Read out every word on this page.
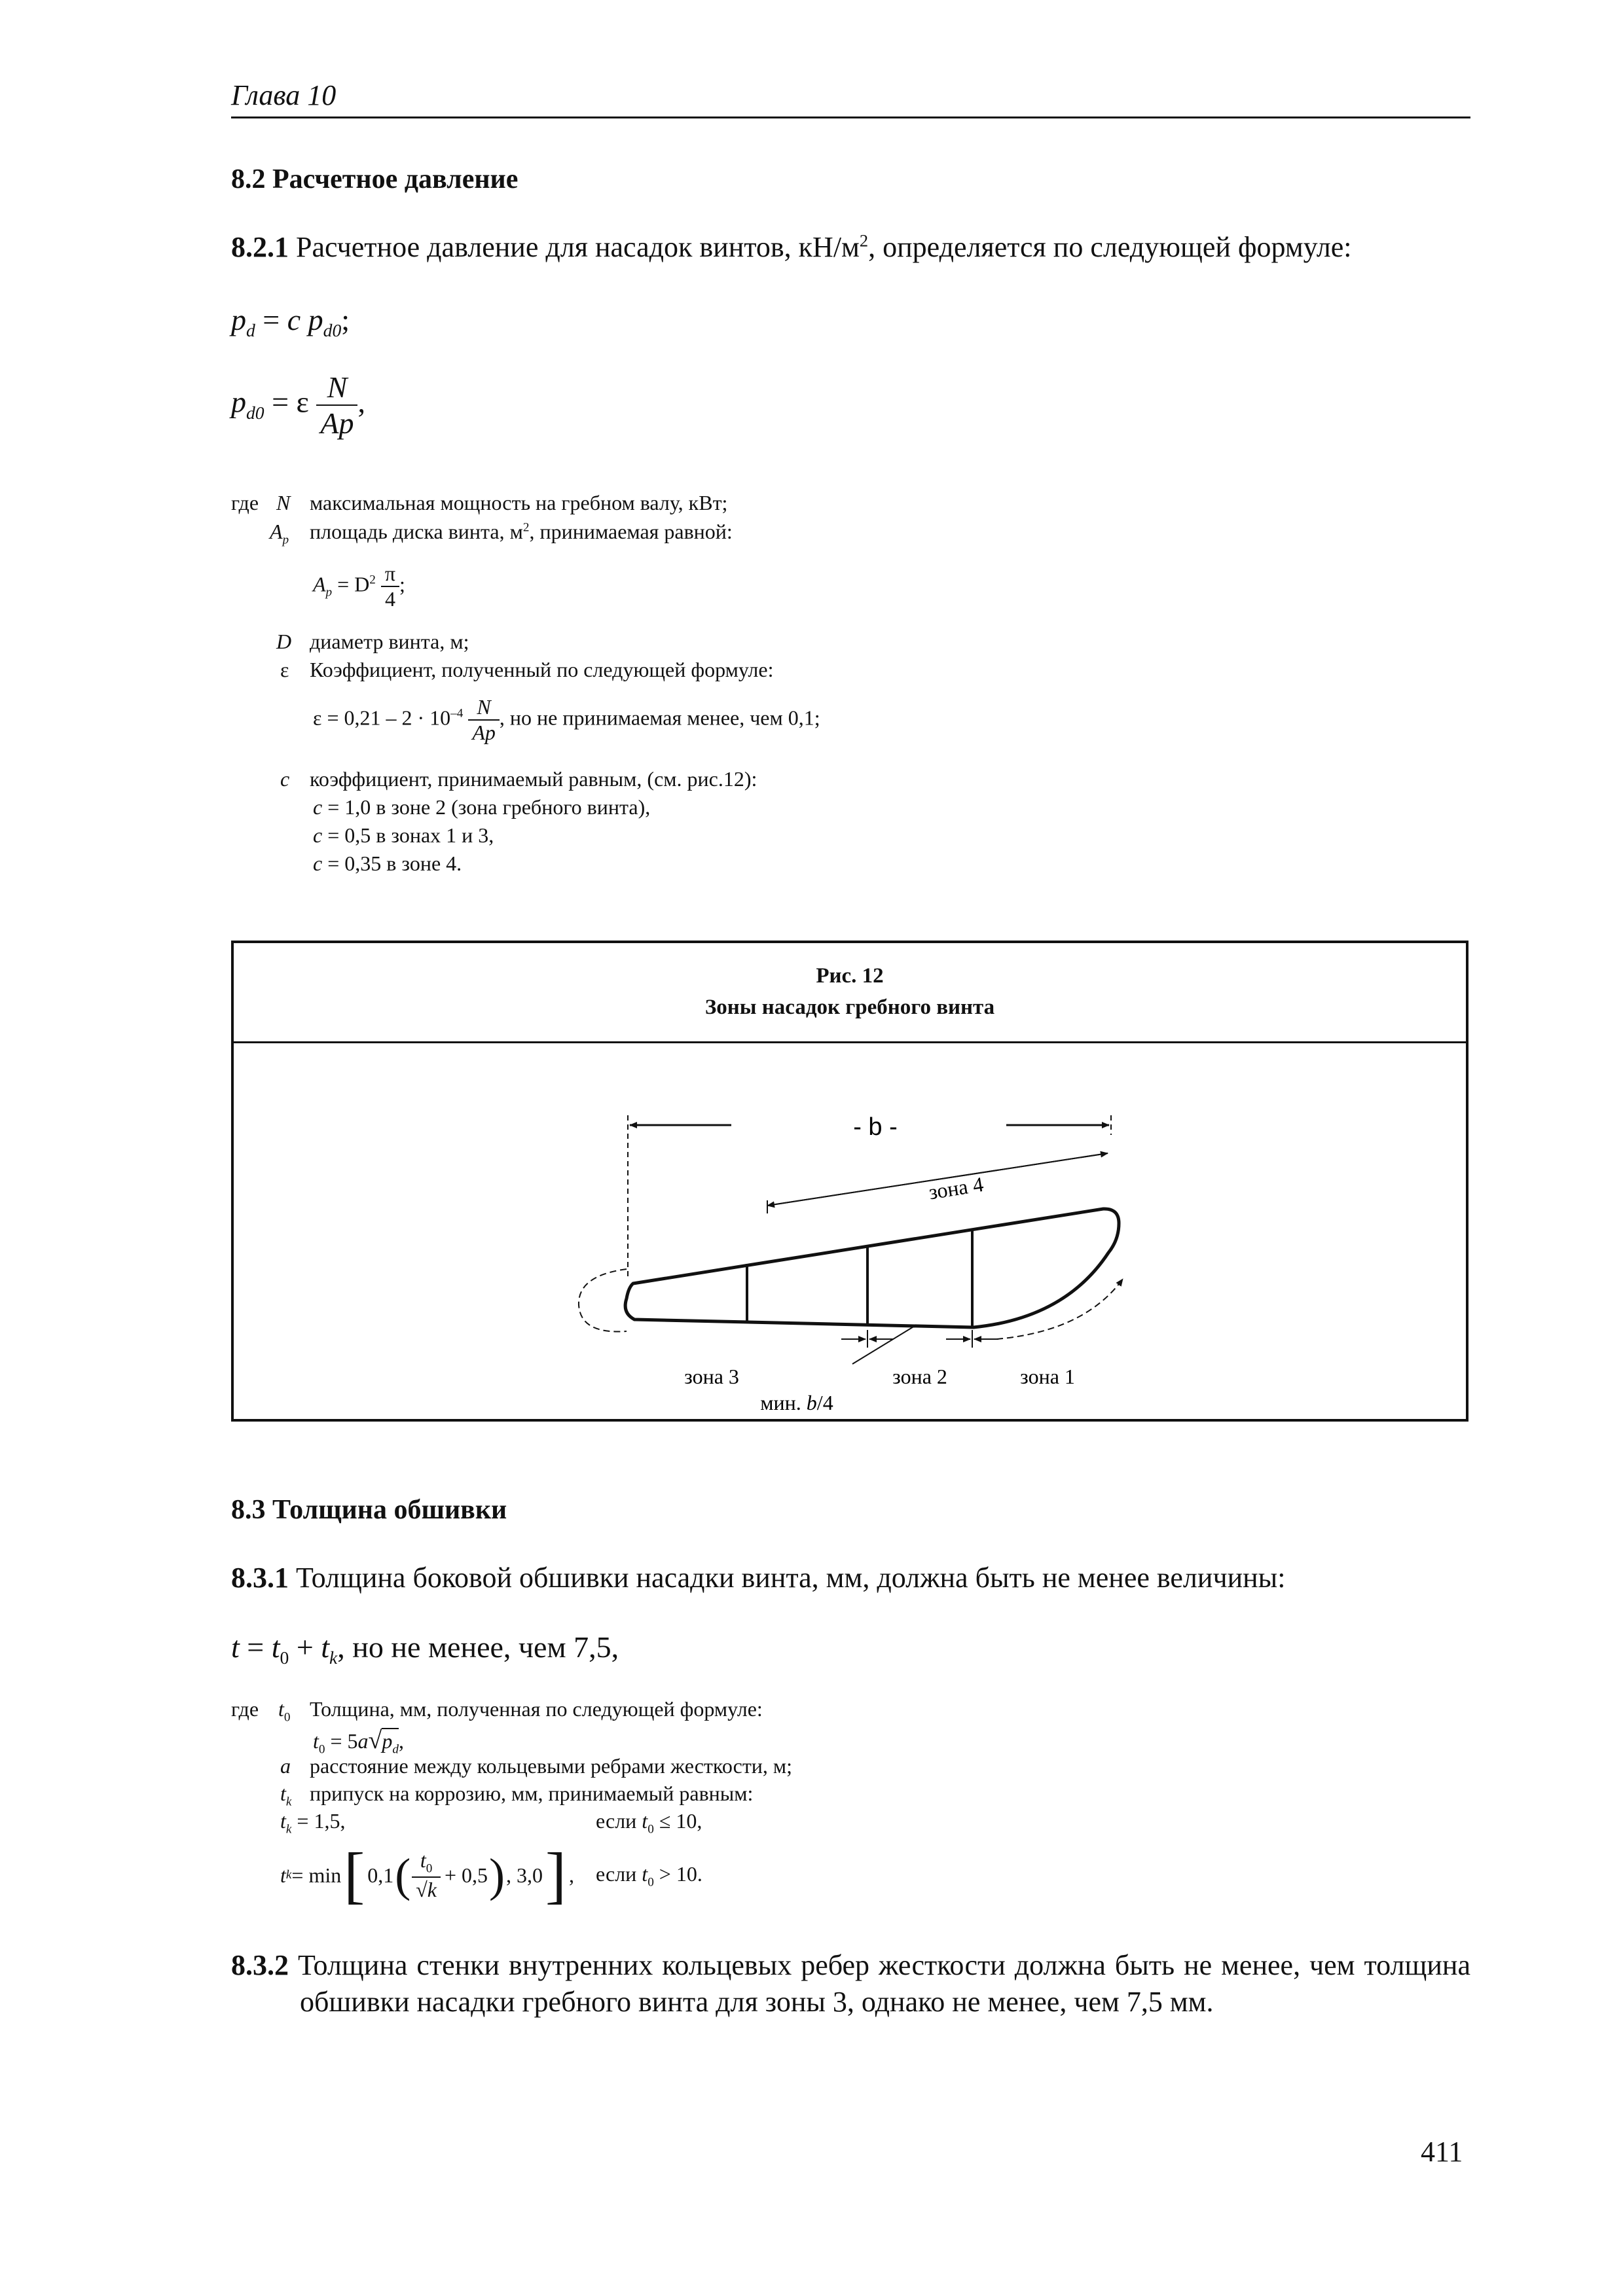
Глава 10
8.2 Расчетное давление
8.2.1 Расчетное давление для насадок винтов, $кН/м^2$, определяется по следующей формуле:
$p_d = c$ $p_{d0}$;
$p_{d0} = \varepsilon \frac{N}{Ap}$ ,
где N максимальная мощность на гребном валу, кВт;
$A_p$ площадь диска винта, $м^2$, принимаемая равной:
$A_p = D^2 \frac{\pi}{4}$ ;
D диаметр винта, м;
ε Коэффициент, полученный по следующей формуле:
$\varepsilon = 0,21 - 2 \cdot 10^{-4} \frac{N}{Ap}$ , но не принимаемая менее, чем 0,1;
c коэффициент, принимаемый равным, (см. рис.12):
c = 1,0 в зоне 2 (зона гребного винта),
c = 0,5 в зонах 1 и 3,
c = 0,35 в зоне 4.
Рис. 12
Зоны насадок гребного винта
- b -
зона 4
зона 3	зона 2	зона 1
мин. b/4
8.3 Толщина обшивки
8.3.1 Толщина боковой обшивки насадки винта, мм, должна быть не менее величины:
$t = t_0 + t_k$, но не менее, чем 7,5,
где $t_0$ Толщина, мм, полученная по следующей формуле:
$t_0 = 5a√p_d$,
a расстояние между кольцевыми ребрами жесткости, м;
$t_k$ припуск на коррозию, мм, принимаемый равным:
$t_k = 1,5$,	если $t_0 \le 10$,
t k = min [ 0,1 ( $\frac{t_0}{√k} + 0,5$ ) , 3,0 ] , если $t_0 > 10$.
8.3.2 Толщина стенки внутренних кольцевых ребер жесткости должна быть не менее, чем толщина обшивки насадки гребного винта для зоны 3, однако не менее, чем 7,5 мм.
411
